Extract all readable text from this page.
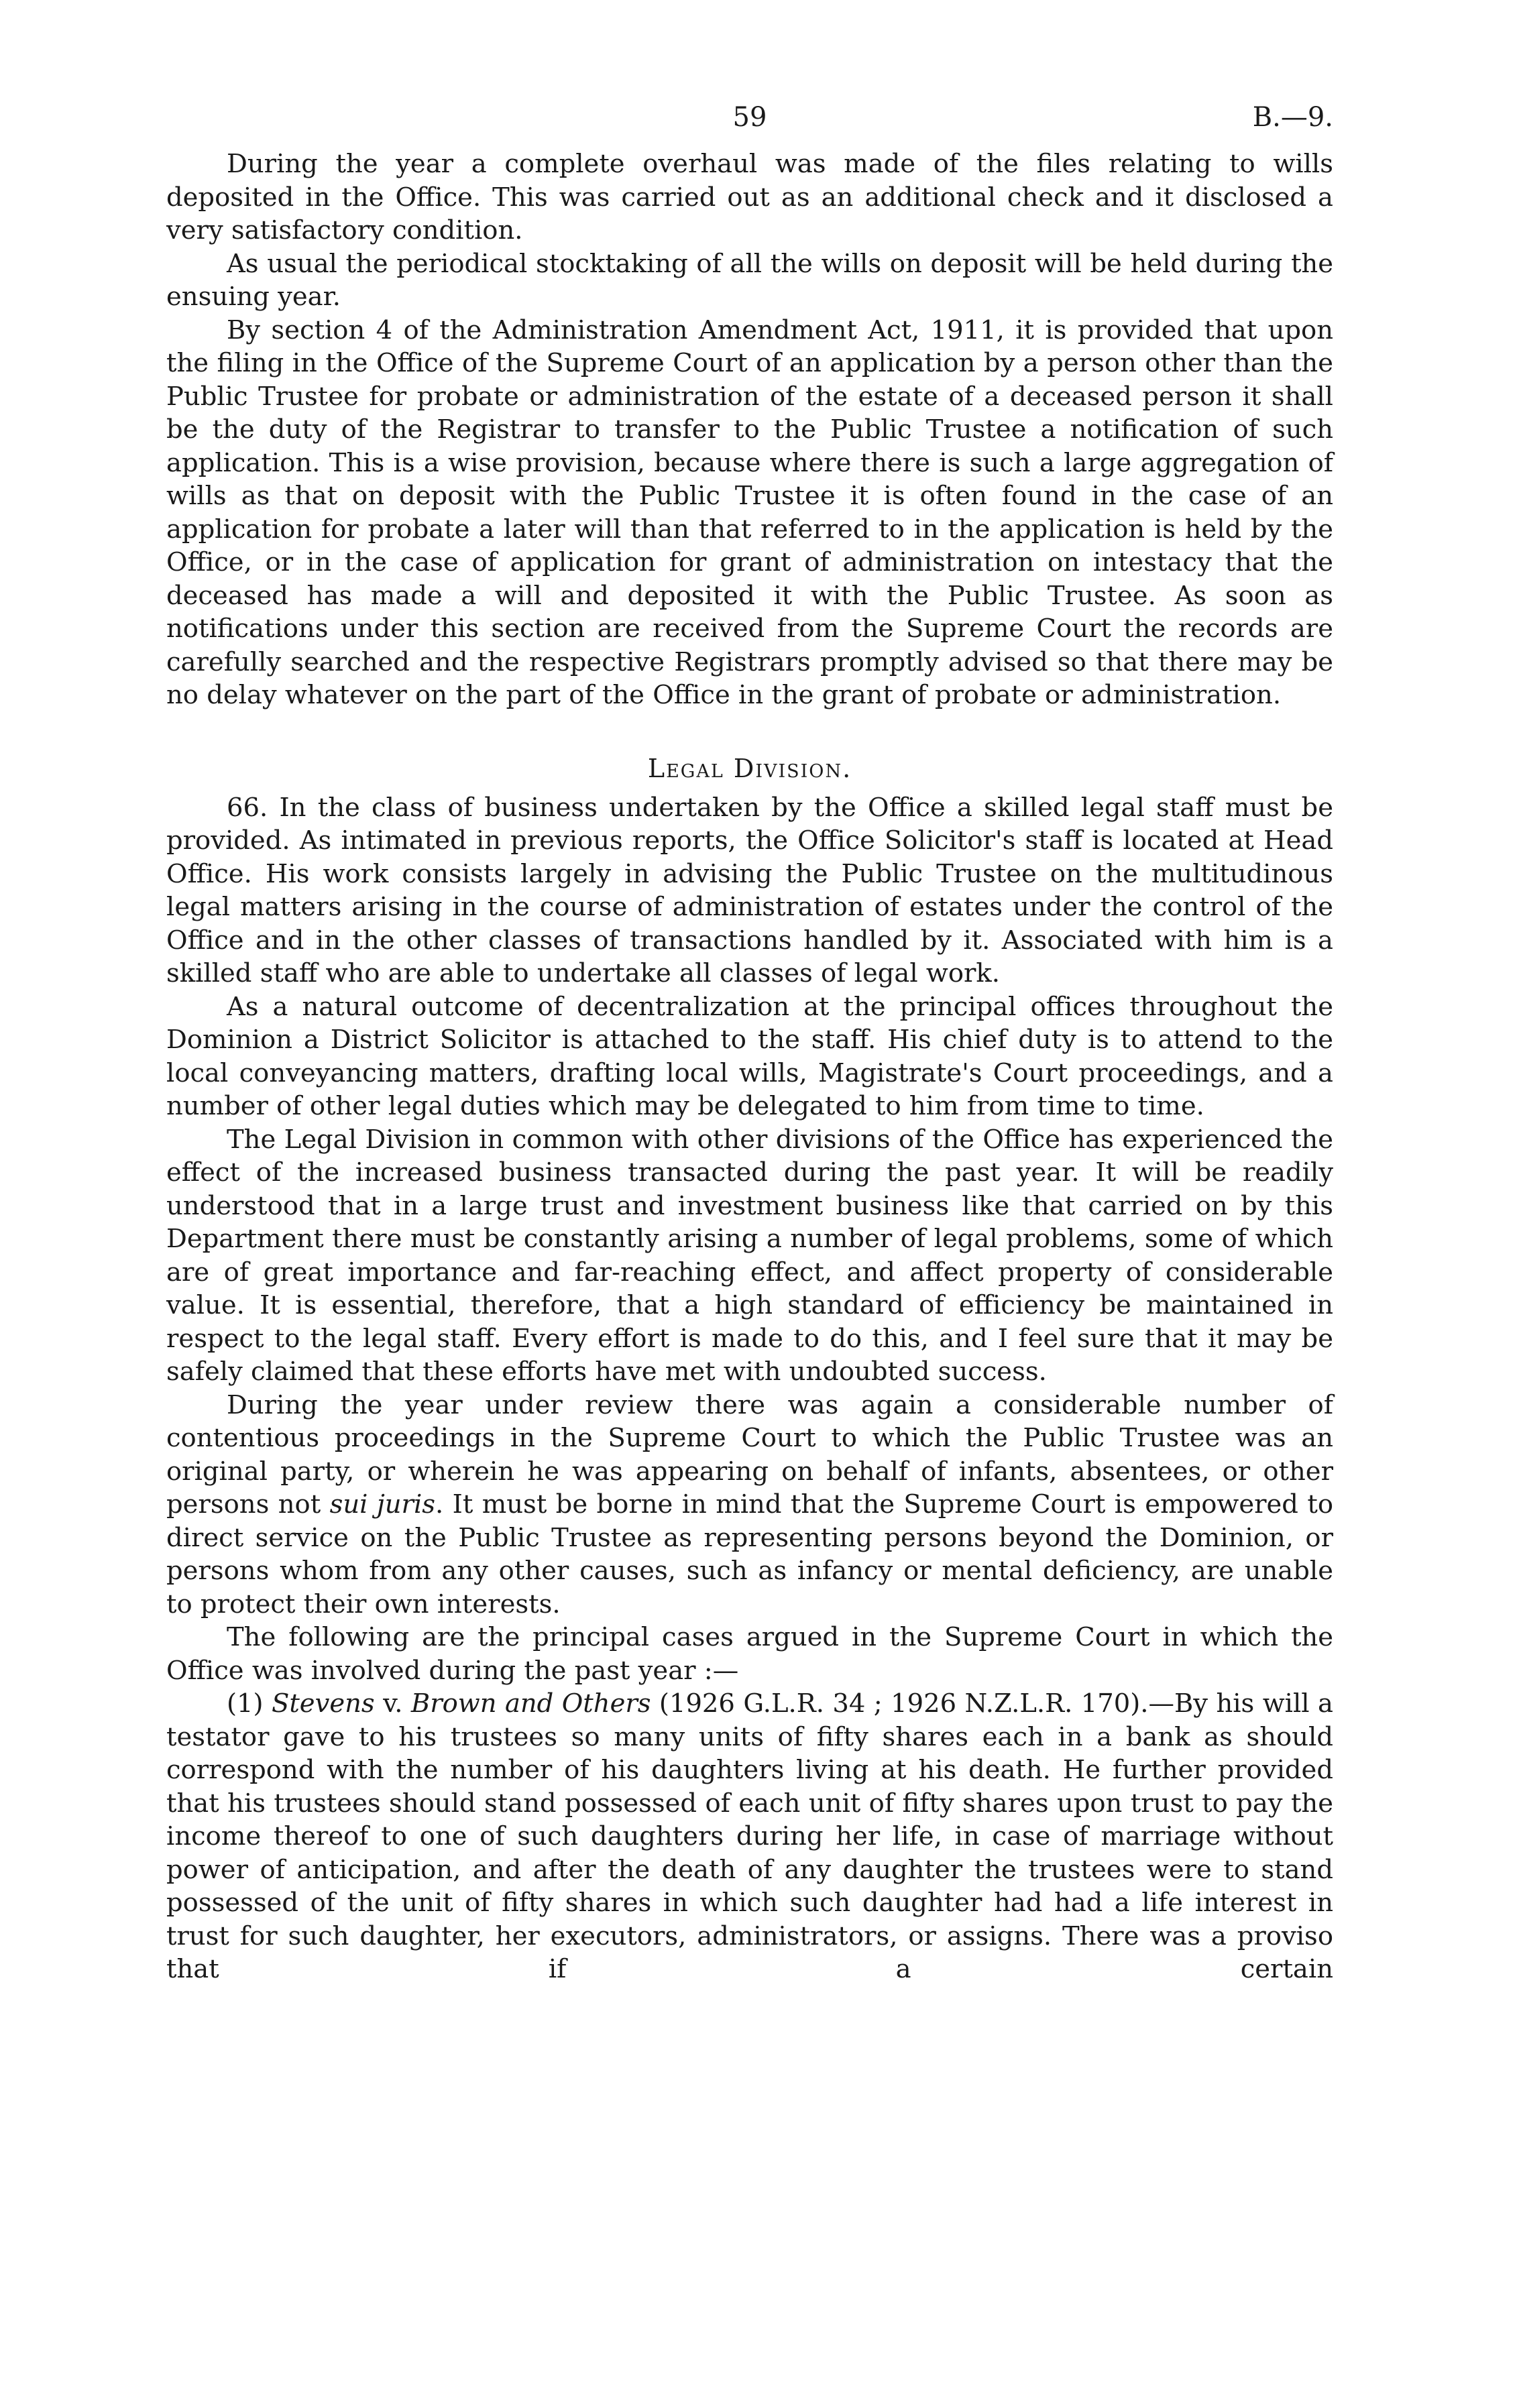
59	B.—9.

During the year a complete overhaul was made of the files relating to wills deposited in the Office. This was carried out as an additional check and it disclosed a very satisfactory condition.

As usual the periodical stocktaking of all the wills on deposit will be held during the ensuing year.

By section 4 of the Administration Amendment Act, 1911, it is provided that upon the filing in the Office of the Supreme Court of an application by a person other than the Public Trustee for probate or administration of the estate of a deceased person it shall be the duty of the Registrar to transfer to the Public Trustee a notification of such application. This is a wise provision, because where there is such a large aggregation of wills as that on deposit with the Public Trustee it is often found in the case of an application for probate a later will than that referred to in the application is held by the Office, or in the case of application for grant of administration on intestacy that the deceased has made a will and deposited it with the Public Trustee. As soon as notifications under this section are received from the Supreme Court the records are carefully searched and the respective Registrars promptly advised so that there may be no delay whatever on the part of the Office in the grant of probate or administration.

Legal Division.

66. In the class of business undertaken by the Office a skilled legal staff must be provided. As intimated in previous reports, the Office Solicitor's staff is located at Head Office. His work consists largely in advising the Public Trustee on the multitudinous legal matters arising in the course of administration of estates under the control of the Office and in the other classes of transactions handled by it. Associated with him is a skilled staff who are able to undertake all classes of legal work.

As a natural outcome of decentralization at the principal offices throughout the Dominion a District Solicitor is attached to the staff. His chief duty is to attend to the local conveyancing matters, drafting local wills, Magistrate's Court proceedings, and a number of other legal duties which may be delegated to him from time to time.

The Legal Division in common with other divisions of the Office has experienced the effect of the increased business transacted during the past year. It will be readily understood that in a large trust and investment business like that carried on by this Department there must be constantly arising a number of legal problems, some of which are of great importance and far-reaching effect, and affect property of considerable value. It is essential, therefore, that a high standard of efficiency be maintained in respect to the legal staff. Every effort is made to do this, and I feel sure that it may be safely claimed that these efforts have met with undoubted success.

During the year under review there was again a considerable number of contentious proceedings in the Supreme Court to which the Public Trustee was an original party, or wherein he was appearing on behalf of infants, absentees, or other persons not sui juris. It must be borne in mind that the Supreme Court is empowered to direct service on the Public Trustee as representing persons beyond the Dominion, or persons whom from any other causes, such as infancy or mental deficiency, are unable to protect their own interests.

The following are the principal cases argued in the Supreme Court in which the Office was involved during the past year :—

(1) Stevens v. Brown and Others (1926 G.L.R. 34 ; 1926 N.Z.L.R. 170).—By his will a testator gave to his trustees so many units of fifty shares each in a bank as should correspond with the number of his daughters living at his death. He further provided that his trustees should stand possessed of each unit of fifty shares upon trust to pay the income thereof to one of such daughters during her life, in case of marriage without power of anticipation, and after the death of any daughter the trustees were to stand possessed of the unit of fifty shares in which such daughter had had a life interest in trust for such daughter, her executors, administrators, or assigns. There was a proviso that if a certain
